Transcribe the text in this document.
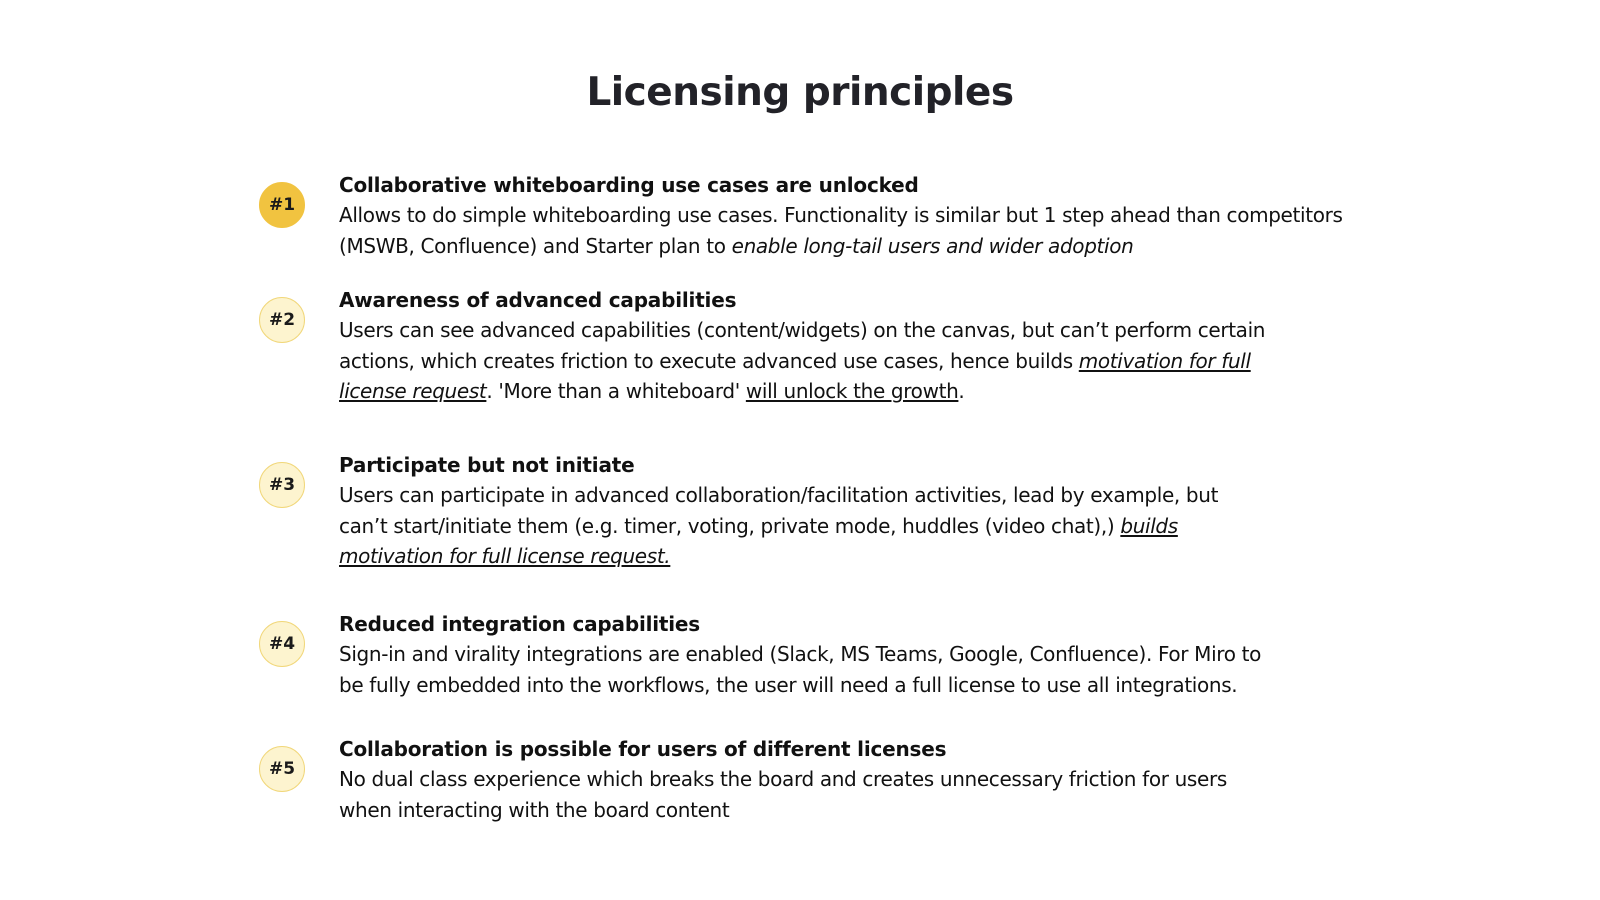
Licensing principles
#1

Collaborative whiteboarding use cases are unlocked

Allows to do simple whiteboarding use cases. Functionality is similar but 1 step ahead than competitors
(MSWB, Confluence) and Starter plan to enable long-tail users and wider adoption

#2

Awareness of advanced capabilities

Users can see advanced capabilities (content/widgets) on the canvas, but can’t perform certain
actions, which creates friction to execute advanced use cases, hence builds motivation for full
license request. 'More than a whiteboard' will unlock the growth.

#3

Participate but not initiate

Users can participate in advanced collaboration/facilitation activities, lead by example, but
can’t start/initiate them (e.g. timer, voting, private mode, huddles (video chat),) builds
motivation for full license request.

#4

Reduced integration capabilities

Sign-in and virality integrations are enabled (Slack, MS Teams, Google, Confluence). For Miro to
be fully embedded into the workflows, the user will need a full license to use all integrations.

#5

Collaboration is possible for users of different licenses

No dual class experience which breaks the board and creates unnecessary friction for users
when interacting with the board content
